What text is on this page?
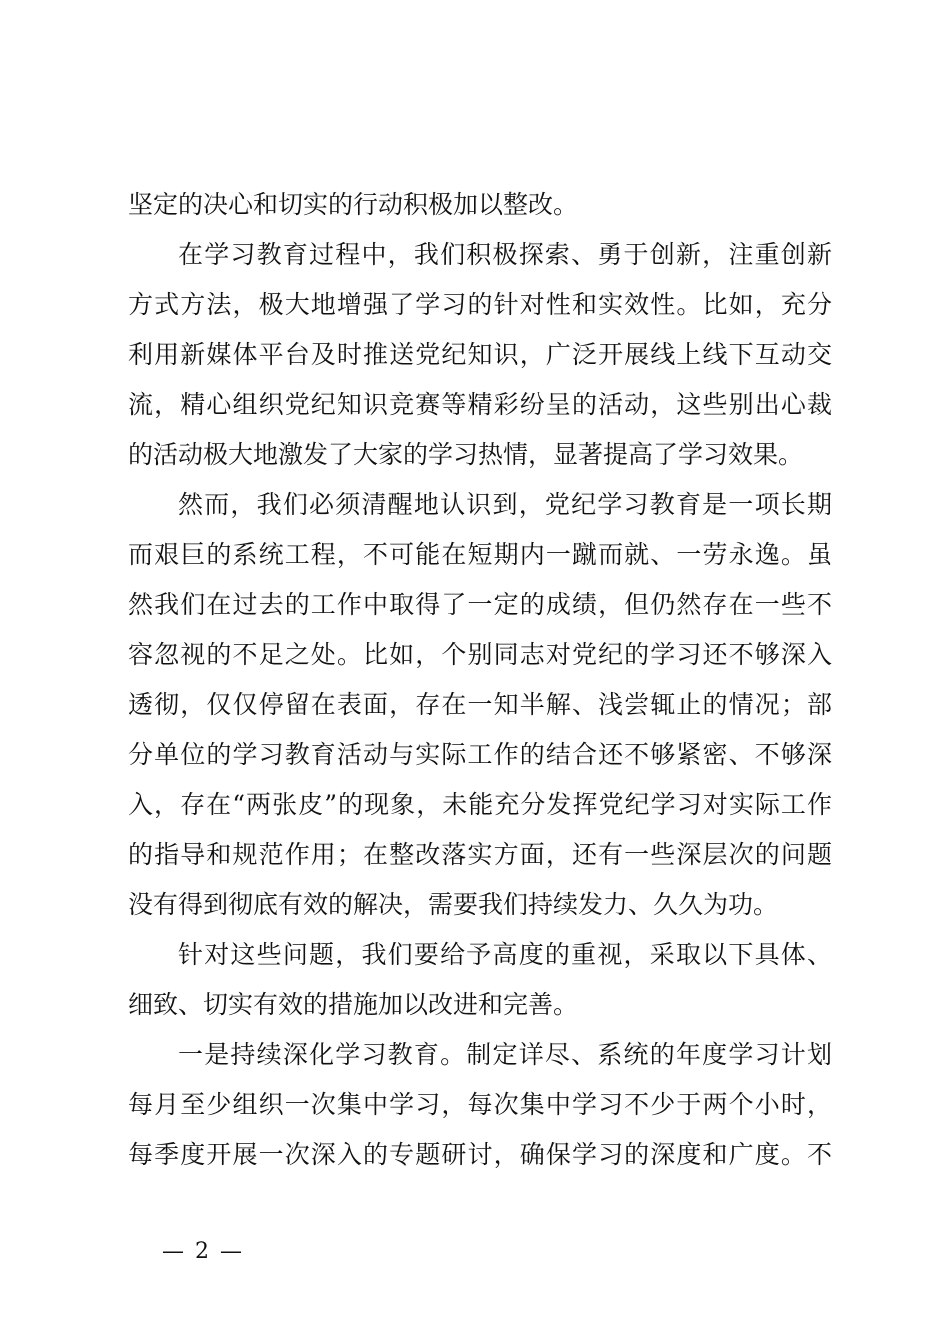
坚定的决心和切实的行动积极加以整改。
在学习教育过程中，我们积极探索、勇于创新，注重创新
方式方法，极大地增强了学习的针对性和实效性。比如，充分
利用新媒体平台及时推送党纪知识，广泛开展线上线下互动交
流，精心组织党纪知识竞赛等精彩纷呈的活动，这些别出心裁
的活动极大地激发了大家的学习热情，显著提高了学习效果。
然而，我们必须清醒地认识到，党纪学习教育是一项长期
而艰巨的系统工程，不可能在短期内一蹴而就、一劳永逸。虽
然我们在过去的工作中取得了一定的成绩，但仍然存在一些不
容忽视的不足之处。比如，个别同志对党纪的学习还不够深入
透彻，仅仅停留在表面，存在一知半解、浅尝辄止的情况；部
分单位的学习教育活动与实际工作的结合还不够紧密、不够深
入，存在“两张皮”的现象，未能充分发挥党纪学习对实际工作
的指导和规范作用；在整改落实方面，还有一些深层次的问题
没有得到彻底有效的解决，需要我们持续发力、久久为功。
针对这些问题，我们要给予高度的重视，采取以下具体、
细致、切实有效的措施加以改进和完善。
一是持续深化学习教育。制定详尽、系统的年度学习计划
每月至少组织一次集中学习，每次集中学习不少于两个小时，
每季度开展一次深入的专题研讨，确保学习的深度和广度。不
— 2 —
